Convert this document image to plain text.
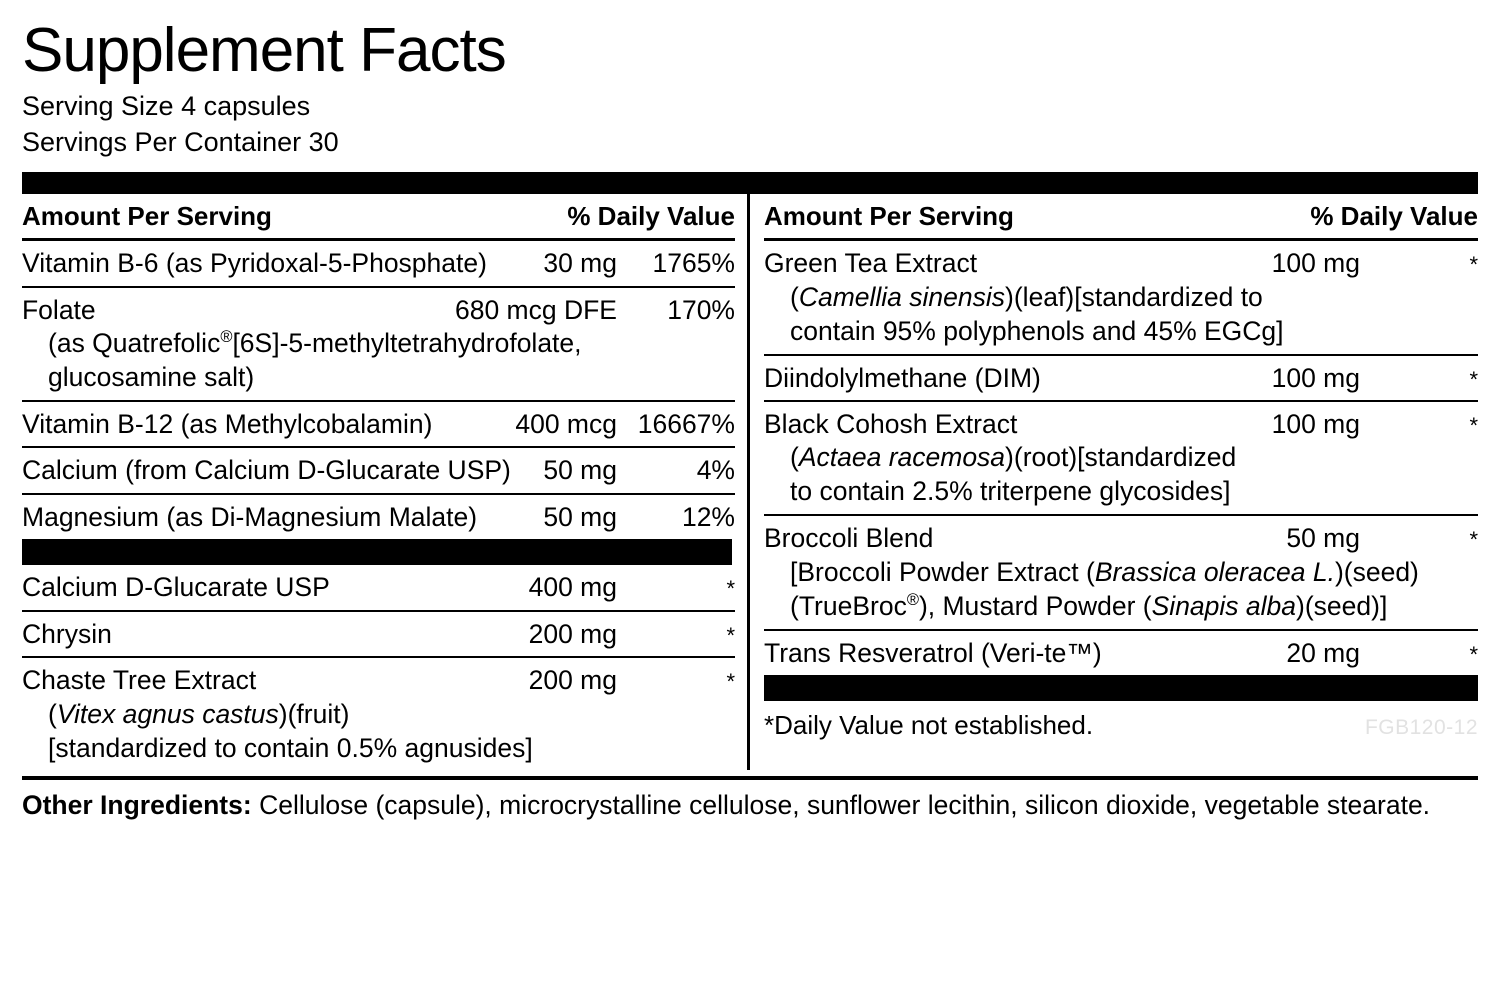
Supplement Facts
Serving Size 4 capsules
Servings Per Container 30
Amount Per Serving	% Daily Value
Vitamin B-6 (as Pyridoxal-5-Phosphate)	30 mg	1765%
Folate	680 mcg DFE	170%
(as Quatrefolic®[6S]-5-methyltetrahydrofolate,
glucosamine salt)
Vitamin B-12 (as Methylcobalamin)	400 mcg 16667%
Calcium (from Calcium D-Glucarate USP)	50 mg	4%
Magnesium (as Di-Magnesium Malate)	50 mg	12%
Calcium D-Glucarate USP	400 mg	*
Chrysin	200 mg	*
Chaste Tree Extract	200 mg	*
(Vitex agnus castus)(fruit)
[standardized to contain 0.5% agnusides]
Amount Per Serving	% Daily Value
Green Tea Extract	100 mg	*
(Camellia sinensis)(leaf)[standardized to
contain 95% polyphenols and 45% EGCg]
Diindolylmethane (DIM)	100 mg	*
Black Cohosh Extract	100 mg	*
(Actaea racemosa)(root)[standardized
to contain 2.5% triterpene glycosides]
Broccoli Blend	50 mg	*
[Broccoli Powder Extract (Brassica oleracea L.)(seed)
(TrueBroc®), Mustard Powder (Sinapis alba)(seed)]
Trans Resveratrol (Veri-te™)	20 mg	*
*Daily Value not established.	FGB120-12
Other Ingredients: Cellulose (capsule), microcrystalline cellulose, sunflower lecithin, silicon dioxide, vegetable stearate.
